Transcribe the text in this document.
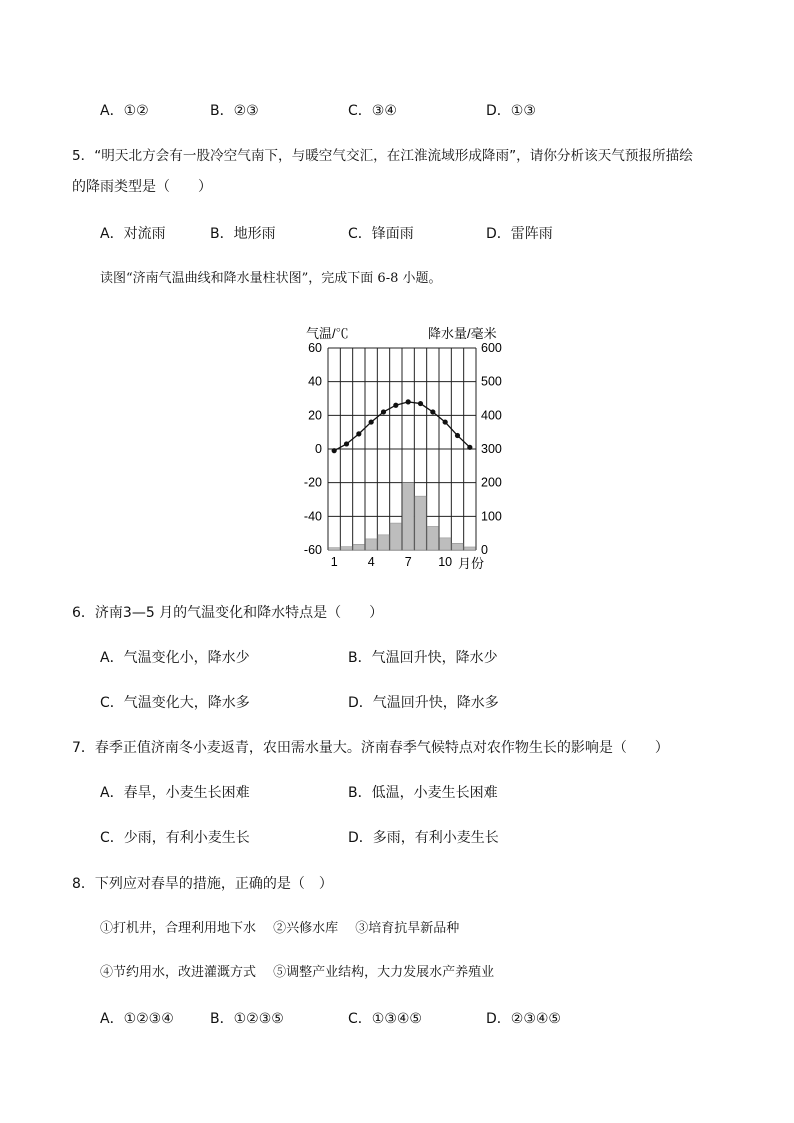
A．①②	B．②③	C．③④	D．①③
5．“明天北方会有一股冷空气南下，与暖空气交汇，在江淮流域形成降雨”，请你分析该天气预报所描绘
的降雨类型是（　　）
A．对流雨	B．地形雨	C．锋面雨	D．雷阵雨
读图“济南气温曲线和降水量柱状图”，完成下面 6-8 小题。
气温/℃	降水量/毫米
月份
60
40
20
0
-20
-40
-60
600
500
400
300
200
100
0
1 4 7 10
6．济南3—5 月的气温变化和降水特点是（　　）
A．气温变化小，降水少	B．气温回升快，降水少
C．气温变化大，降水多	D．气温回升快，降水多
7．春季正值济南冬小麦返青，农田需水量大。济南春季气候特点对农作物生长的影响是（　　）
A．春旱，小麦生长困难	B．低温，小麦生长困难
C．少雨，有利小麦生长	D．多雨，有利小麦生长
8．下列应对春旱的措施，正确的是（　）
①打机井，合理利用地下水　 ②兴修水库　 ③培育抗旱新品种
④节约用水，改进灌溉方式　 ⑤调整产业结构，大力发展水产养殖业
A．①②③④	B．①②③⑤	C．①③④⑤	D．②③④⑤
